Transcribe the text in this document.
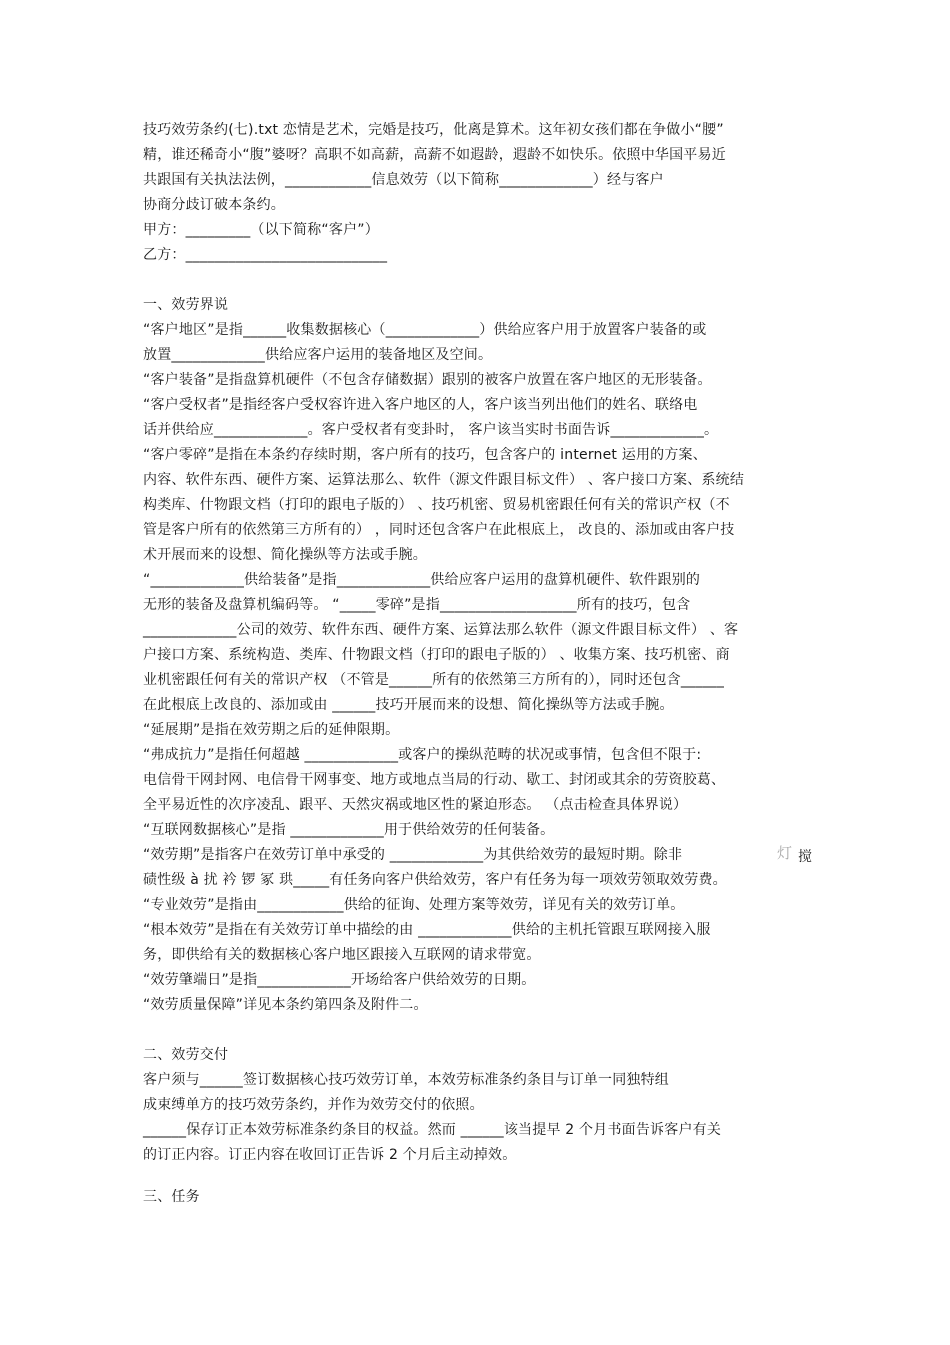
技巧效劳条约(七).txt 恋情是艺术，完婚是技巧，仳离是算术。这年初女孩们都在争做小“腰”
精，谁还稀奇小“腹”婆呀？高职不如高薪，高薪不如遐龄，遐龄不如快乐。依照中华国平易近
共跟国有关执法法例，____________信息效劳（以下简称_____________）经与客户
协商分歧订破本条约。
甲方：_________（以下简称“客户”）
乙方：____________________________
一、效劳界说
“客户地区”是指______收集数据核心（_____________）供给应客户用于放置客户装备的或
放置_____________供给应客户运用的装备地区及空间。
“客户装备”是指盘算机硬件（不包含存储数据）跟别的被客户放置在客户地区的无形装备。
“客户受权者”是指经客户受权容许进入客户地区的人，客户该当列出他们的姓名、联络电
话并供给应_____________。客户受权者有变卦时， 客户该当实时书面告诉_____________。
“客户零碎”是指在本条约存续时期，客户所有的技巧，包含客户的 internet 运用的方案、
内容、软件东西、硬件方案、运算法那么、软件（源文件跟目标文件） 、客户接口方案、系统结
构类库、什物跟文档（打印的跟电子版的） 、技巧机密、贸易机密跟任何有关的常识产权（不
管是客户所有的依然第三方所有的） ，同时还包含客户在此根底上， 改良的、添加或由客户技
术开展而来的设想、简化操纵等方法或手腕。
“_____________供给装备”是指_____________供给应客户运用的盘算机硬件、软件跟别的
无形的装备及盘算机编码等。 “_____零碎”是指___________________所有的技巧，包含
_____________公司的效劳、软件东西、硬件方案、运算法那么软件（源文件跟目标文件） 、客
户接口方案、系统构造、类库、什物跟文档（打印的跟电子版的） 、收集方案、技巧机密、商
业机密跟任何有关的常识产权 （不管是______所有的依然第三方所有的），同时还包含______
在此根底上改良的、添加或由 ______技巧开展而来的设想、简化操纵等方法或手腕。
“延展期”是指在效劳期之后的延伸限期。
“弗成抗力”是指任何超越 _____________或客户的操纵范畴的状况或事情，包含但不限于:
电信骨干网封网、电信骨干网事变、地方或地点当局的行动、歇工、封闭或其余的劳资胶葛、
全平易近性的次序凌乱、跟平、天然灾祸或地区性的紧迫形态。 （点击检查具体界说）
“互联网数据核心”是指 _____________用于供给效劳的任何装备。
“效劳期”是指客户在效劳订单中承受的 _____________为其供给效劳的最短时期。除非
碛性级 à 扰 衿 锣 冢 珙_____有任务向客户供给效劳，客户有任务为每一项效劳领取效劳费。
“专业效劳”是指由____________供给的征询、处理方案等效劳，详见有关的效劳订单。
“根本效劳”是指在有关效劳订单中描绘的由 _____________供给的主机托管跟互联网接入服
务，即供给有关的数据核心客户地区跟接入互联网的请求带宽。
“效劳肇端日”是指_____________开场给客户供给效劳的日期。
“效劳质量保障”详见本条约第四条及附件二。
灯 搅
二、效劳交付
客户须与______签订数据核心技巧效劳订单，本效劳标准条约条目与订单一同独特组
成束缚单方的技巧效劳条约，并作为效劳交付的依照。
______保存订正本效劳标准条约条目的权益。然而 ______该当提早 2 个月书面告诉客户有关
的订正内容。订正内容在收回订正告诉 2 个月后主动掉效。
三、任务
